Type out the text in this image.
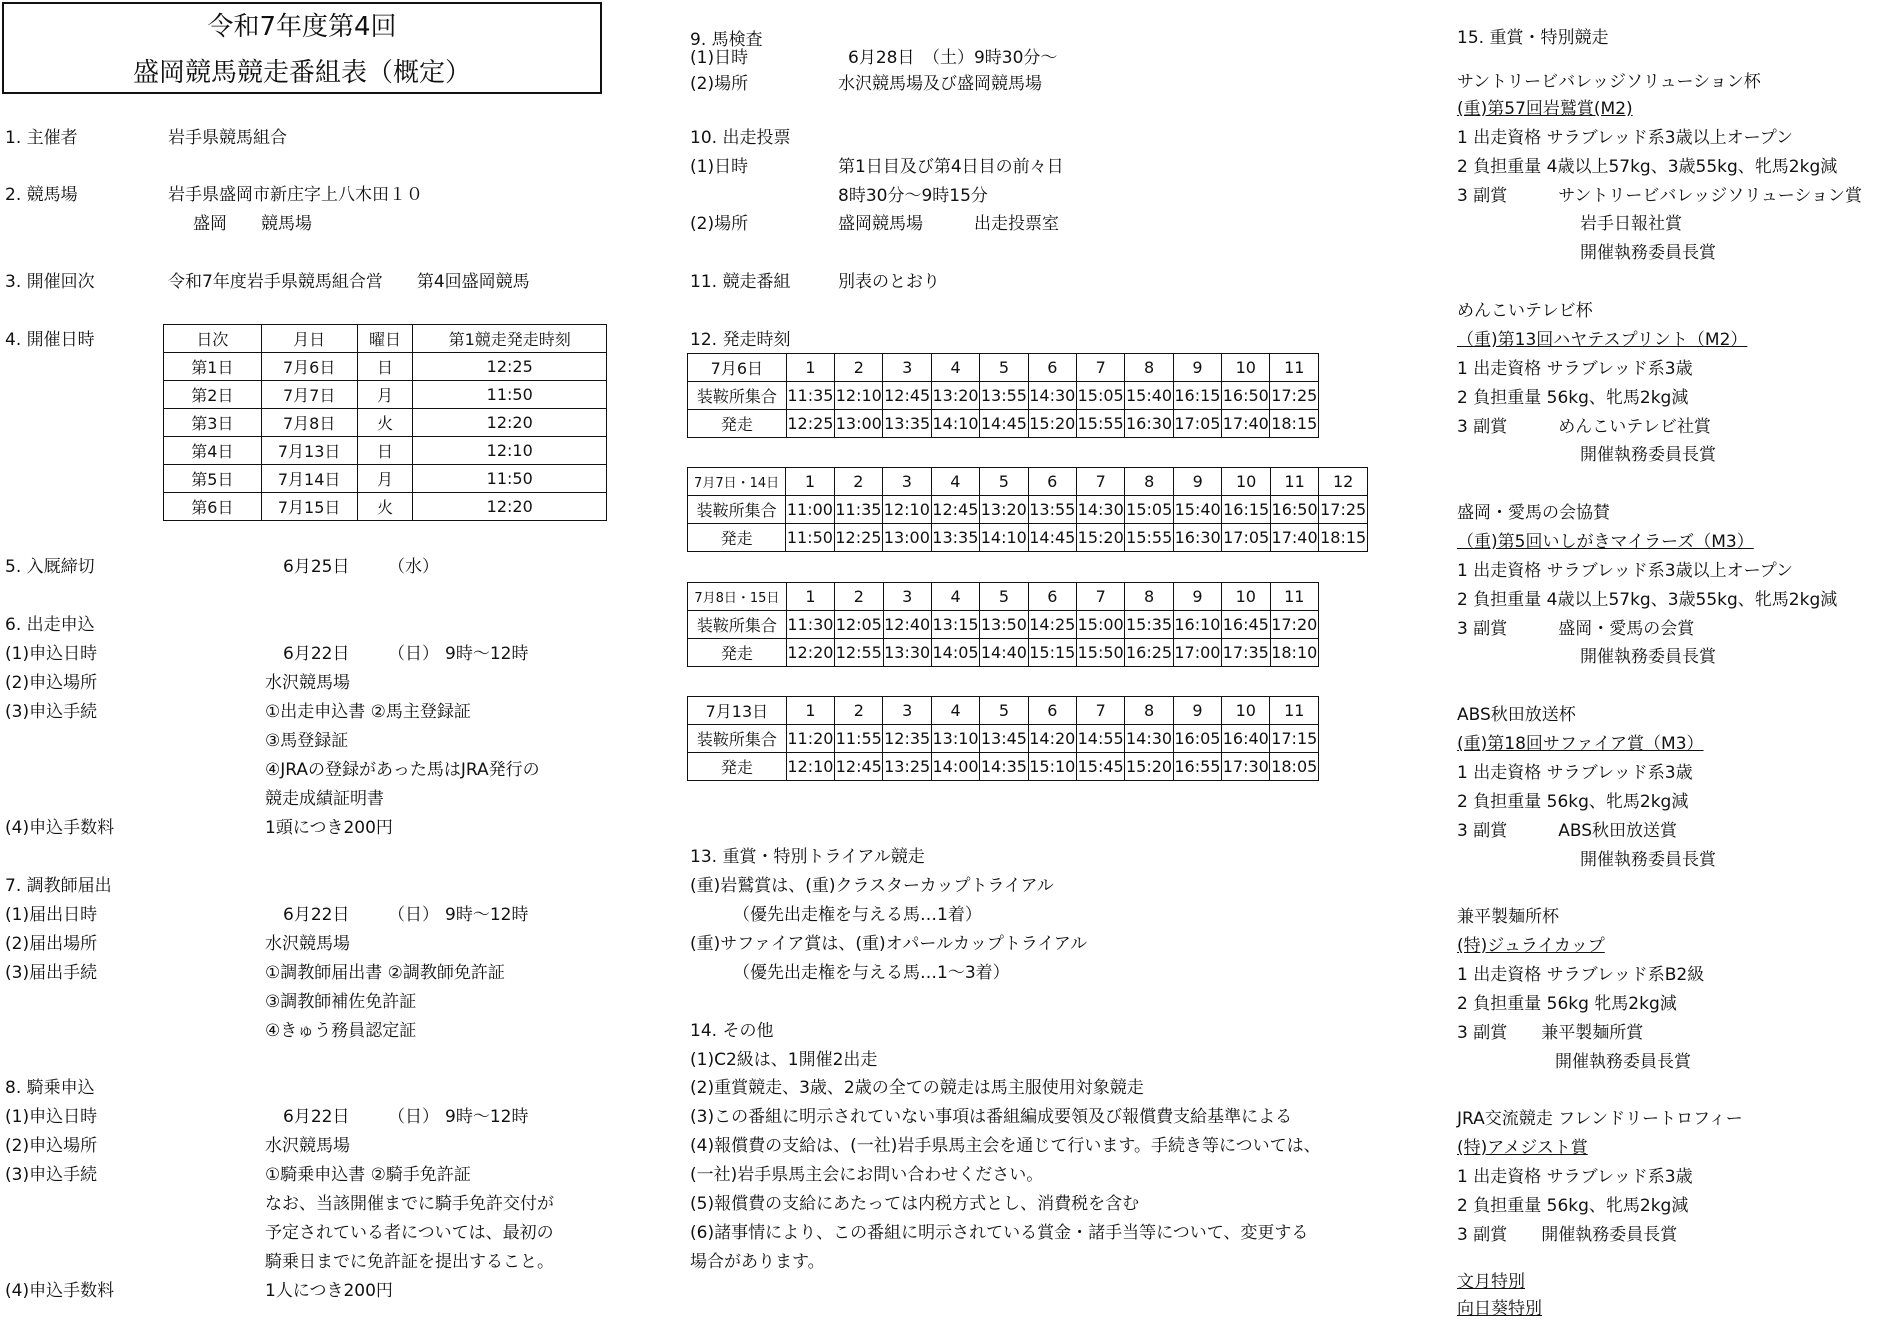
令和7年度第4回
盛岡競馬競走番組表（概定）
1. 主催者	岩手県競馬組合
2. 競馬場	岩手県盛岡市新庄字上八木田１０
盛岡　　競馬場
3. 開催回次	令和7年度岩手県競馬組合営　　第4回盛岡競馬
4. 開催日時	日次	月日	曜日	第1競走発走時刻
第1日	7月6日	日	12:25
第2日	7月7日	月	11:50
第3日	7月8日	火	12:20
第4日	7月13日	日	12:10
第5日	7月14日	月	11:50
第6日	7月15日	火	12:20
5. 入厩締切	6月25日 （水）
6. 出走申込
(1)申込日時	6月22日 （日） 9時～12時
(2)申込場所	水沢競馬場
(3)申込手続	①出走申込書 ②馬主登録証
③馬登録証
④JRAの登録があった馬はJRA発行の
競走成績証明書
(4)申込手数料	1頭につき200円
7. 調教師届出
(1)届出日時	6月22日 （日） 9時～12時
(2)届出場所	水沢競馬場
(3)届出手続	①調教師届出書 ②調教師免許証
③調教師補佐免許証
④きゅう務員認定証
8. 騎乗申込
(1)申込日時	6月22日 （日） 9時～12時
(2)申込場所	水沢競馬場
(3)申込手続	①騎乗申込書 ②騎手免許証
なお、当該開催までに騎手免許交付が
予定されている者については、最初の
騎乗日までに免許証を提出すること。
(4)申込手数料	1人につき200円
9. 馬検査
(1)日時	6月28日　（土）9時30分～
(2)場所	水沢競馬場及び盛岡競馬場
10. 出走投票
(1)日時	第1日目及び第4日目の前々日
8時30分～9時15分
(2)場所	盛岡競馬場　　　出走投票室
11. 競走番組	別表のとおり
12. 発走時刻
7月6日	1	2	3	4	5	6	7	8	9	10	11
装鞍所集合	11:35	12:10	12:45	13:20	13:55	14:30	15:05	15:40	16:15	16:50	17:25
発走	12:25	13:00	13:35	14:10	14:45	15:20	15:55	16:30	17:05	17:40	18:15
7月7日・14日	1	2	3	4	5	6	7	8	9	10	11	12
装鞍所集合	11:00	11:35	12:10	12:45	13:20	13:55	14:30	15:05	15:40	16:15	16:50	17:25
発走	11:50	12:25	13:00	13:35	14:10	14:45	15:20	15:55	16:30	17:05	17:40	18:15
7月8日・15日	1	2	3	4	5	6	7	8	9	10	11
装鞍所集合	11:30	12:05	12:40	13:15	13:50	14:25	15:00	15:35	16:10	16:45	17:20
発走	12:20	12:55	13:30	14:05	14:40	15:15	15:50	16:25	17:00	17:35	18:10
7月13日	1	2	3	4	5	6	7	8	9	10	11
装鞍所集合	11:20	11:55	12:35	13:10	13:45	14:20	14:55	14:30	16:05	16:40	17:15
発走	12:10	12:45	13:25	14:00	14:35	15:10	15:45	15:20	16:55	17:30	18:05
13. 重賞・特別トライアル競走
(重)岩鷲賞は、(重)クラスターカップトライアル
（優先出走権を与える馬…1着）
(重)サファイア賞は、(重)オパールカップトライアル
（優先出走権を与える馬…1～3着）
14. その他
(1)C2級は、1開催2出走
(2)重賞競走、3歳、2歳の全ての競走は馬主服使用対象競走
(3)この番組に明示されていない事項は番組編成要領及び報償費支給基準による
(4)報償費の支給は、(一社)岩手県馬主会を通じて行います。手続き等については、
(一社)岩手県馬主会にお問い合わせください。
(5)報償費の支給にあたっては内税方式とし、消費税を含む
(6)諸事情により、この番組に明示されている賞金・諸手当等について、変更する
場合があります。
15. 重賞・特別競走
サントリービバレッジソリューション杯
(重)第57回岩鷲賞(M2)
1 出走資格 サラブレッド系3歳以上オープン
2 負担重量 4歳以上57kg、3歳55kg、牝馬2kg減
3 副賞　　　サントリービバレッジソリューション賞
岩手日報社賞
開催執務委員長賞
めんこいテレビ杯
（重)第13回ハヤテスプリント（M2）
1 出走資格 サラブレッド系3歳
2 負担重量 56kg、牝馬2kg減
3 副賞　　　めんこいテレビ社賞
開催執務委員長賞
盛岡・愛馬の会協賛
（重)第5回いしがきマイラーズ（M3）
1 出走資格 サラブレッド系3歳以上オープン
2 負担重量 4歳以上57kg、3歳55kg、牝馬2kg減
3 副賞　　　盛岡・愛馬の会賞
開催執務委員長賞
ABS秋田放送杯
(重)第18回サファイア賞（M3）
1 出走資格 サラブレッド系3歳
2 負担重量 56kg、牝馬2kg減
3 副賞　　　ABS秋田放送賞
開催執務委員長賞
兼平製麺所杯
(特)ジュライカップ
1 出走資格 サラブレッド系B2級
2 負担重量 56kg 牝馬2kg減
3 副賞　　兼平製麺所賞
開催執務委員長賞
JRA交流競走 フレンドリートロフィー
(特)アメジスト賞
1 出走資格 サラブレッド系3歳
2 負担重量 56kg、牝馬2kg減
3 副賞　　開催執務委員長賞
文月特別
向日葵特別
